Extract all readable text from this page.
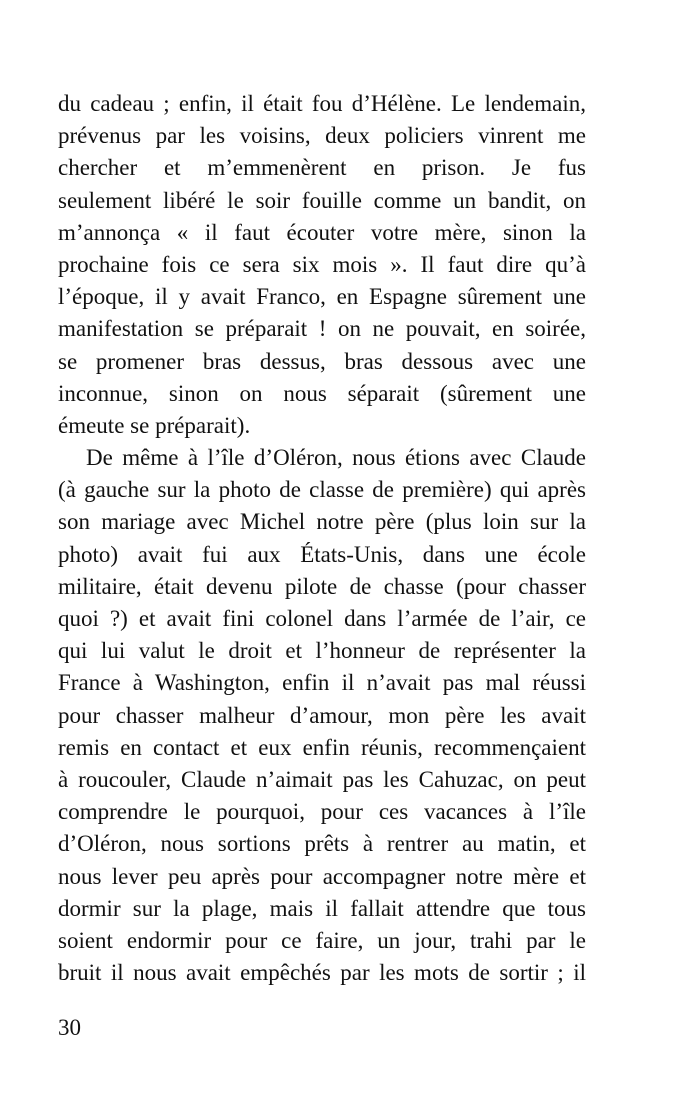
du cadeau ; enfin, il était fou d’Hélène. Le lendemain,
prévenus par les voisins, deux policiers vinrent me
chercher et m’emmenèrent en prison. Je fus
seulement libéré le soir fouille comme un bandit, on
m’annonça « il faut écouter votre mère, sinon la
prochaine fois ce sera six mois ». Il faut dire qu’à
l’époque, il y avait Franco, en Espagne sûrement une
manifestation se préparait ! on ne pouvait, en soirée,
se promener bras dessus, bras dessous avec une
inconnue, sinon on nous séparait (sûrement une
émeute se préparait).
De même à l’île d’Oléron, nous étions avec Claude
(à gauche sur la photo de classe de première) qui après
son mariage avec Michel notre père (plus loin sur la
photo) avait fui aux États-Unis, dans une école
militaire, était devenu pilote de chasse (pour chasser
quoi ?) et avait fini colonel dans l’armée de l’air, ce
qui lui valut le droit et l’honneur de représenter la
France à Washington, enfin il n’avait pas mal réussi
pour chasser malheur d’amour, mon père les avait
remis en contact et eux enfin réunis, recommençaient
à roucouler, Claude n’aimait pas les Cahuzac, on peut
comprendre le pourquoi, pour ces vacances à l’île
d’Oléron, nous sortions prêts à rentrer au matin, et
nous lever peu après pour accompagner notre mère et
dormir sur la plage, mais il fallait attendre que tous
soient endormir pour ce faire, un jour, trahi par le
bruit il nous avait empêchés par les mots de sortir ; il
30
